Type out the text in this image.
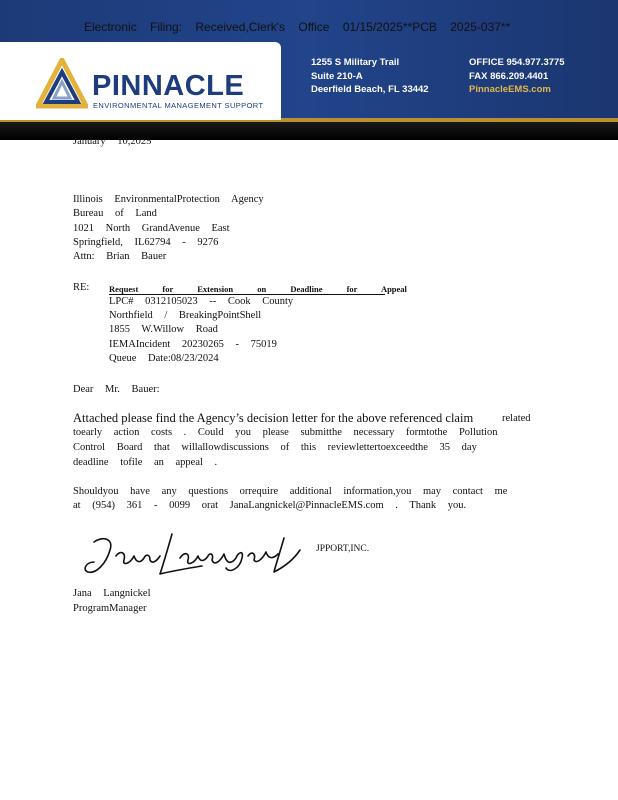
Electronic Filing: Received,Clerk's Office 01/15/2025**PCB 2025-037**
PINNACLE
ENVIRONMENTAL MANAGEMENT SUPPORT
1255 S Military Trail
Suite 210-A
Deerfield Beach, FL 33442
OFFICE 954.977.3775
FAX 866.209.4401
PinnacleEMS.com
January 10,2025
Illinois EnvironmentalProtection Agency
Bureau of Land
1021 North GrandAvenue East
Springfield, IL62794 - 9276
Attn: Brian Bauer
RE: Request for Extension on Deadline for Appeal
LPC# 0312105023 -- Cook County
Northfield / BreakingPointShell
1855 W.Willow Road
IEMAIncident 20230265 - 75019
Queue Date:08/23/2024
Dear Mr. Bauer:
Attached please find the Agency’s decision letter for the above referenced claim	related
toearly action costs . Could you please submitthe necessary formtothe Pollution
Control Board that willallowdiscussions of this reviewlettertoexceedthe 35 day
deadline tofile an appeal .
Shouldyou have any questions orrequire additional information,you may contact me
at (954) 361 - 0099 orat JanaLangnickel@PinnacleEMS.com . Thank you.
JPPORT,INC.
Jana Langnickel
ProgramManager
